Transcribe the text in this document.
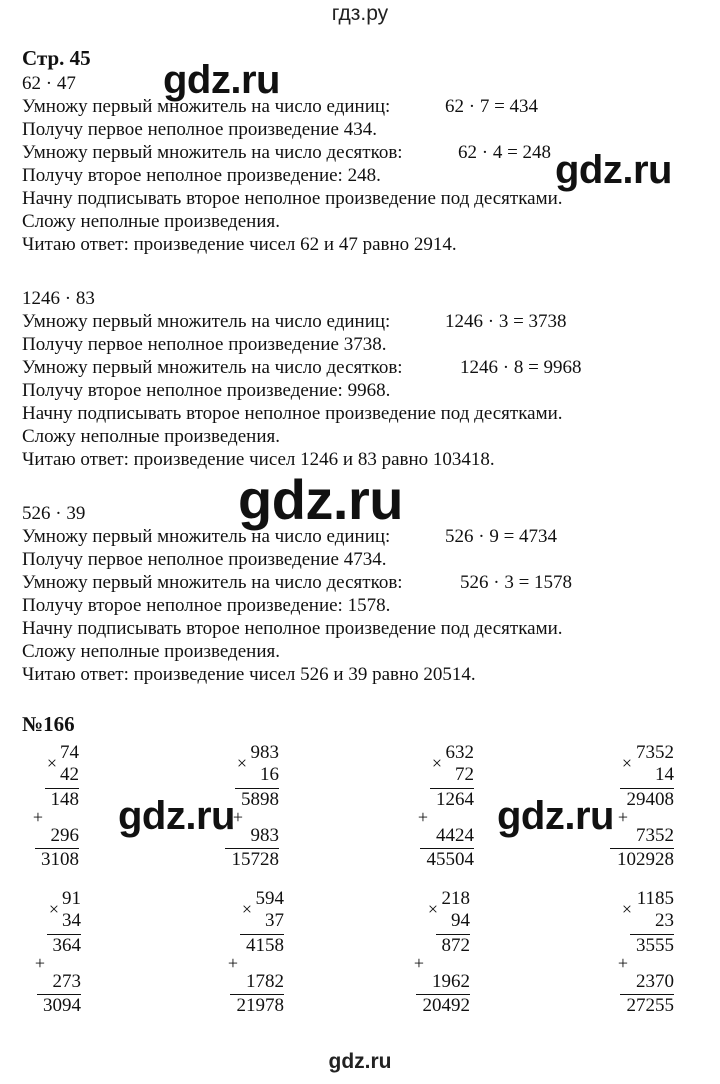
гдз.ру
Стр. 45
62 · 47
Умножу первый множитель на число единиц:	62 · 7 = 434
Получу первое неполное произведение 434.
Умножу первый множитель на число десятков:	62 · 4 = 248
Получу второе неполное произведение: 248.
Начну подписывать второе неполное произведение под десятками.
Сложу неполные произведения.
Читаю ответ: произведение чисел 62 и 47 равно 2914.
1246 · 83
Умножу первый множитель на число единиц:	1246 · 3 = 3738
Получу первое неполное произведение 3738.
Умножу первый множитель на число десятков:	1246 · 8 = 9968
Получу второе неполное произведение: 9968.
Начну подписывать второе неполное произведение под десятками.
Сложу неполные произведения.
Читаю ответ: произведение чисел 1246 и 83 равно 103418.
526 · 39
Умножу первый множитель на число единиц:	526 · 9 = 4734
Получу первое неполное произведение 4734.
Умножу первый множитель на число десятков:	526 · 3 = 1578
Получу второе неполное произведение: 1578.
Начну подписывать второе неполное произведение под десятками.
Сложу неполные произведения.
Читаю ответ: произведение чисел 526 и 39 равно 20514.
№166
74
42
148
296
3108
×
+
983
16
5898
983
15728
×
+
632
72
1264
4424
45504
×
+
7352
14
29408
7352
102928
×
+
91
34
364
273
3094
×
+
594
37
4158
1782
21978
×
+
218
94
872
1962
20492
×
+
1185
23
3555
2370
27255
×
+
gdz.ru
gdz.ru
gdz.ru
gdz.ru	gdz.ru
gdz.ru
